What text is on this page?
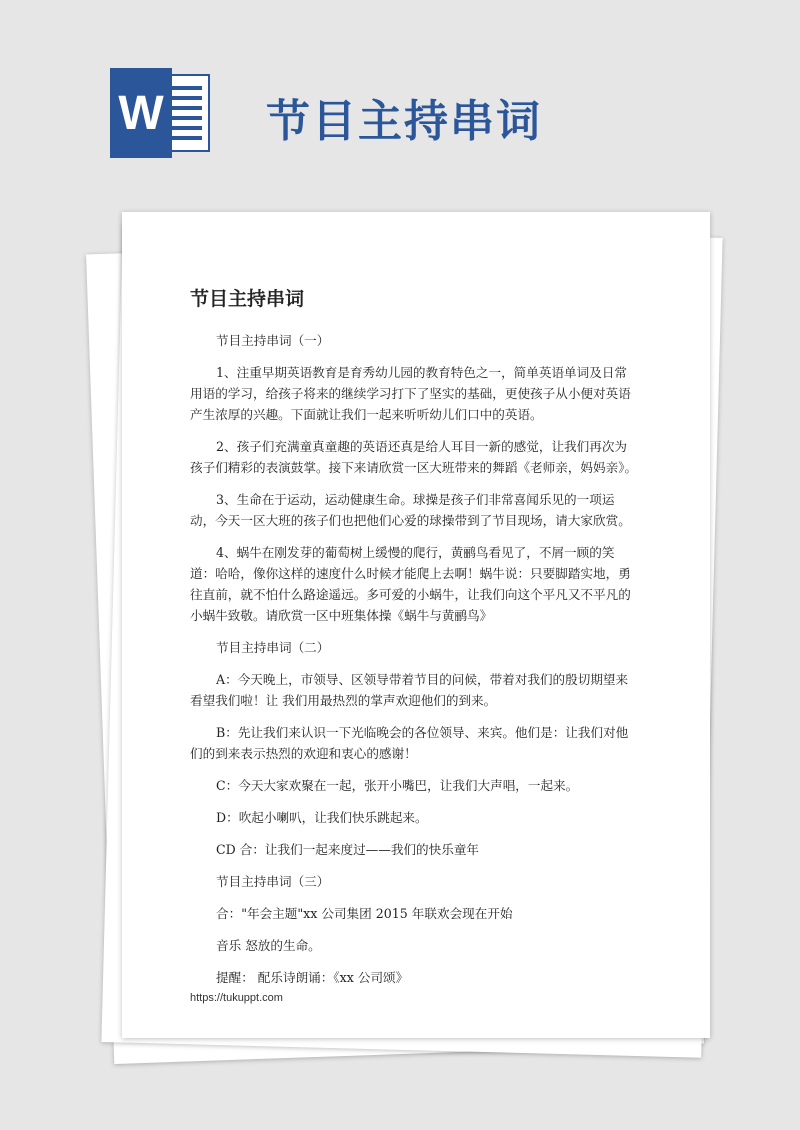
W 节目主持串词
节目主持串词

节目主持串词（一）

1、注重早期英语教育是育秀幼儿园的教育特色之一，简单英语单词及日常用语的学习，给孩子将来的继续学习打下了坚实的基础，更使孩子从小便对英语产生浓厚的兴趣。下面就让我们一起来听听幼儿们口中的英语。

2、孩子们充满童真童趣的英语还真是给人耳目一新的感觉，让我们再次为孩子们精彩的表演鼓掌。接下来请欣赏一区大班带来的舞蹈《老师亲，妈妈亲》。

3、生命在于运动，运动健康生命。球操是孩子们非常喜闻乐见的一项运动，今天一区大班的孩子们也把他们心爱的球操带到了节目现场，请大家欣赏。

4、蜗牛在刚发芽的葡萄树上缓慢的爬行，黄鹂鸟看见了，不屑一顾的笑道：哈哈，像你这样的速度什么时候才能爬上去啊！蜗牛说：只要脚踏实地，勇往直前，就不怕什么路途遥远。多可爱的小蜗牛，让我们向这个平凡又不平凡的小蜗牛致敬。请欣赏一区中班集体操《蜗牛与黄鹂鸟》

节目主持串词（二）

A：今天晚上，市领导、区领导带着节目的问候，带着对我们的殷切期望来看望我们啦！让 我们用最热烈的掌声欢迎他们的到来。

B：先让我们来认识一下光临晚会的各位领导、来宾。他们是：让我们对他们的到来表示热烈的欢迎和衷心的感谢！

C：今天大家欢聚在一起，张开小嘴巴，让我们大声唱，一起来。

D：吹起小喇叭，让我们快乐跳起来。

CD 合：让我们一起来度过——我们的快乐童年

节目主持串词（三）

合："年会主题"xx 公司集团 2015 年联欢会现在开始

音乐 怒放的生命。

提醒： 配乐诗朗诵：《xx 公司颂》

https://tukuppt.com
